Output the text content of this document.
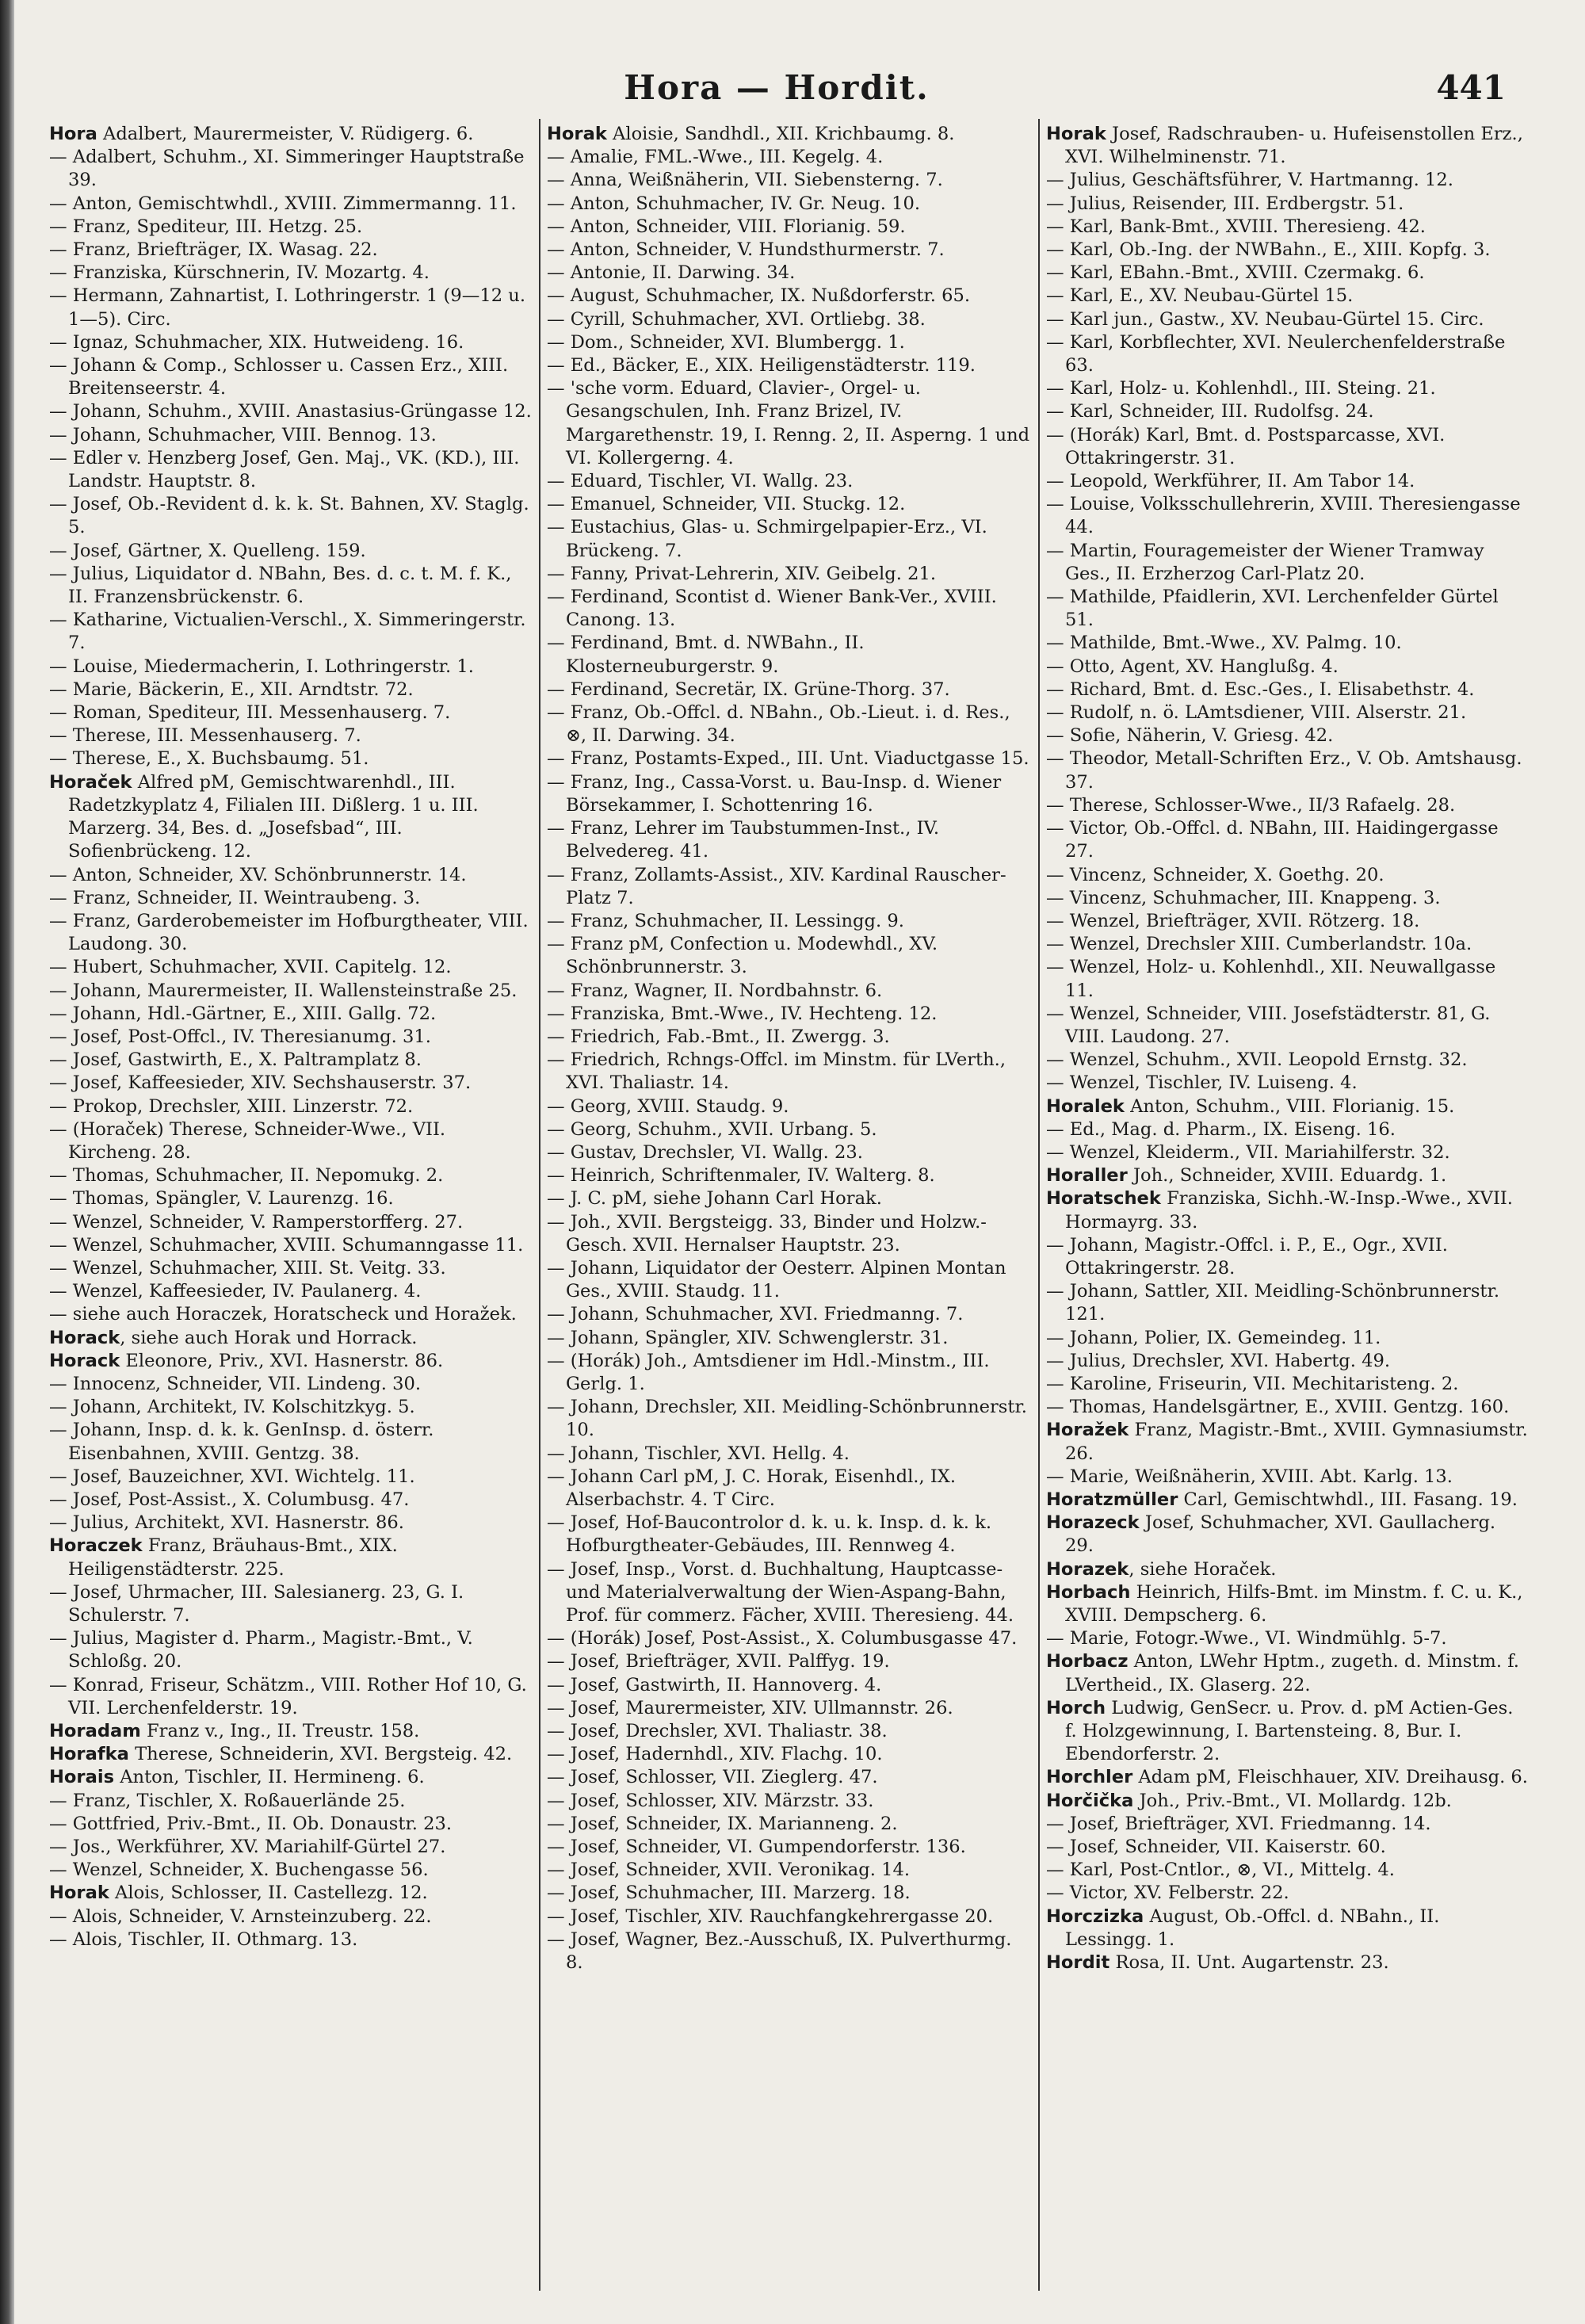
Hora — Hordit.	441
Hora Adalbert, Maurermeister, V. Rüdigerg. 6.
— Adalbert, Schuhm., XI. Simmeringer Hauptstraße 39.
— Anton, Gemischtwhdl., XVIII. Zimmermanng. 11.
— Franz, Spediteur, III. Hetzg. 25.
— Franz, Briefträger, IX. Wasag. 22.
— Franziska, Kürschnerin, IV. Mozartg. 4.
— Hermann, Zahnartist, I. Lothringerstr. 1 (9—12 u. 1—5). Circ.
— Ignaz, Schuhmacher, XIX. Hutweideng. 16.
— Johann & Comp., Schlosser u. Cassen Erz., XIII. Breitenseerstr. 4.
— Johann, Schuhm., XVIII. Anastasius-Grüngasse 12.
— Johann, Schuhmacher, VIII. Bennog. 13.
— Edler v. Henzberg Josef, Gen. Maj., VK. (KD.), III. Landstr. Hauptstr. 8.
— Josef, Ob.-Revident d. k. k. St. Bahnen, XV. Staglg. 5.
— Josef, Gärtner, X. Quelleng. 159.
— Julius, Liquidator d. NBahn, Bes. d. c. t. M. f. K., II. Franzensbrückenstr. 6.
— Katharine, Victualien-Verschl., X. Simmeringerstr. 7.
— Louise, Miedermacherin, I. Lothringerstr. 1.
— Marie, Bäckerin, E., XII. Arndtstr. 72.
— Roman, Spediteur, III. Messenhauserg. 7.
— Therese, III. Messenhauserg. 7.
— Therese, E., X. Buchsbaumg. 51.
Horaček Alfred pM, Gemischtwarenhdl., III. Radetzkyplatz 4, Filialen III. Dißlerg. 1 u. III. Marzerg. 34, Bes. d. „Josefsbad“, III. Sofienbrückeng. 12.
— Anton, Schneider, XV. Schönbrunnerstr. 14.
— Franz, Schneider, II. Weintraubeng. 3.
— Franz, Garderobemeister im Hofburgtheater, VIII. Laudong. 30.
— Hubert, Schuhmacher, XVII. Capitelg. 12.
— Johann, Maurermeister, II. Wallensteinstraße 25.
— Johann, Hdl.-Gärtner, E., XIII. Gallg. 72.
— Josef, Post-Offcl., IV. Theresianumg. 31.
— Josef, Gastwirth, E., X. Paltramplatz 8.
— Josef, Kaffeesieder, XIV. Sechshauserstr. 37.
— Prokop, Drechsler, XIII. Linzerstr. 72.
— (Horaček) Therese, Schneider-Wwe., VII. Kircheng. 28.
— Thomas, Schuhmacher, II. Nepomukg. 2.
— Thomas, Spängler, V. Laurenzg. 16.
— Wenzel, Schneider, V. Ramperstorfferg. 27.
— Wenzel, Schuhmacher, XVIII. Schumanngasse 11.
— Wenzel, Schuhmacher, XIII. St. Veitg. 33.
— Wenzel, Kaffeesieder, IV. Paulanerg. 4.
— siehe auch Horaczek, Horatscheck und Horažek.
Horack, siehe auch Horak und Horrack.
Horack Eleonore, Priv., XVI. Hasnerstr. 86.
— Innocenz, Schneider, VII. Lindeng. 30.
— Johann, Architekt, IV. Kolschitzkyg. 5.
— Johann, Insp. d. k. k. GenInsp. d. österr. Eisenbahnen, XVIII. Gentzg. 38.
— Josef, Bauzeichner, XVI. Wichtelg. 11.
— Josef, Post-Assist., X. Columbusg. 47.
— Julius, Architekt, XVI. Hasnerstr. 86.
Horaczek Franz, Bräuhaus-Bmt., XIX. Heiligenstädterstr. 225.
— Josef, Uhrmacher, III. Salesianerg. 23, G. I. Schulerstr. 7.
— Julius, Magister d. Pharm., Magistr.-Bmt., V. Schloßg. 20.
— Konrad, Friseur, Schätzm., VIII. Rother Hof 10, G. VII. Lerchenfelderstr. 19.
Horadam Franz v., Ing., II. Treustr. 158.
Horafka Therese, Schneiderin, XVI. Bergsteig. 42.
Horais Anton, Tischler, II. Hermineng. 6.
— Franz, Tischler, X. Roßauerlände 25.
— Gottfried, Priv.-Bmt., II. Ob. Donaustr. 23.
— Jos., Werkführer, XV. Mariahilf-Gürtel 27.
— Wenzel, Schneider, X. Buchengasse 56.
Horak Alois, Schlosser, II. Castellezg. 12.
— Alois, Schneider, V. Arnsteinzuberg. 22.
— Alois, Tischler, II. Othmarg. 13.
Horak Aloisie, Sandhdl., XII. Krichbaumg. 8.
— Amalie, FML.-Wwe., III. Kegelg. 4.
— Anna, Weißnäherin, VII. Siebensterng. 7.
— Anton, Schuhmacher, IV. Gr. Neug. 10.
— Anton, Schneider, VIII. Florianig. 59.
— Anton, Schneider, V. Hundsthurmerstr. 7.
— Antonie, II. Darwing. 34.
— August, Schuhmacher, IX. Nußdorferstr. 65.
— Cyrill, Schuhmacher, XVI. Ortliebg. 38.
— Dom., Schneider, XVI. Blumbergg. 1.
— Ed., Bäcker, E., XIX. Heiligenstädterstr. 119.
— 'sche vorm. Eduard, Clavier-, Orgel- u. Gesangschulen, Inh. Franz Brizel, IV. Margarethenstr. 19, I. Renng. 2, II. Asperng. 1 und VI. Kollergerng. 4.
— Eduard, Tischler, VI. Wallg. 23.
— Emanuel, Schneider, VII. Stuckg. 12.
— Eustachius, Glas- u. Schmirgelpapier-Erz., VI. Brückeng. 7.
— Fanny, Privat-Lehrerin, XIV. Geibelg. 21.
— Ferdinand, Scontist d. Wiener Bank-Ver., XVIII. Canong. 13.
— Ferdinand, Bmt. d. NWBahn., II. Klosterneuburgerstr. 9.
— Ferdinand, Secretär, IX. Grüne-Thorg. 37.
— Franz, Ob.-Offcl. d. NBahn., Ob.-Lieut. i. d. Res., ⊗, II. Darwing. 34.
— Franz, Postamts-Exped., III. Unt. Viaductgasse 15.
— Franz, Ing., Cassa-Vorst. u. Bau-Insp. d. Wiener Börsekammer, I. Schottenring 16.
— Franz, Lehrer im Taubstummen-Inst., IV. Belvedereg. 41.
— Franz, Zollamts-Assist., XIV. Kardinal Rauscher-Platz 7.
— Franz, Schuhmacher, II. Lessingg. 9.
— Franz pM, Confection u. Modewhdl., XV. Schönbrunnerstr. 3.
— Franz, Wagner, II. Nordbahnstr. 6.
— Franziska, Bmt.-Wwe., IV. Hechteng. 12.
— Friedrich, Fab.-Bmt., II. Zwergg. 3.
— Friedrich, Rchngs-Offcl. im Minstm. für LVerth., XVI. Thaliastr. 14.
— Georg, XVIII. Staudg. 9.
— Georg, Schuhm., XVII. Urbang. 5.
— Gustav, Drechsler, VI. Wallg. 23.
— Heinrich, Schriftenmaler, IV. Walterg. 8.
— J. C. pM, siehe Johann Carl Horak.
— Joh., XVII. Bergsteigg. 33, Binder und Holzw.-Gesch. XVII. Hernalser Hauptstr. 23.
— Johann, Liquidator der Oesterr. Alpinen Montan Ges., XVIII. Staudg. 11.
— Johann, Schuhmacher, XVI. Friedmanng. 7.
— Johann, Spängler, XIV. Schwenglerstr. 31.
— (Horák) Joh., Amtsdiener im Hdl.-Minstm., III. Gerlg. 1.
— Johann, Drechsler, XII. Meidling-Schönbrunnerstr. 10.
— Johann, Tischler, XVI. Hellg. 4.
— Johann Carl pM, J. C. Horak, Eisenhdl., IX. Alserbachstr. 4. T Circ.
— Josef, Hof-Baucontrolor d. k. u. k. Insp. d. k. k. Hofburgtheater-Gebäudes, III. Rennweg 4.
— Josef, Insp., Vorst. d. Buchhaltung, Hauptcasse- und Materialverwaltung der Wien-Aspang-Bahn, Prof. für commerz. Fächer, XVIII. Theresieng. 44.
— (Horák) Josef, Post-Assist., X. Columbusgasse 47.
— Josef, Briefträger, XVII. Palffyg. 19.
— Josef, Gastwirth, II. Hannoverg. 4.
— Josef, Maurermeister, XIV. Ullmannstr. 26.
— Josef, Drechsler, XVI. Thaliastr. 38.
— Josef, Hadernhdl., XIV. Flachg. 10.
— Josef, Schlosser, VII. Zieglerg. 47.
— Josef, Schlosser, XIV. Märzstr. 33.
— Josef, Schneider, IX. Marianneng. 2.
— Josef, Schneider, VI. Gumpendorferstr. 136.
— Josef, Schneider, XVII. Veronikag. 14.
— Josef, Schuhmacher, III. Marzerg. 18.
— Josef, Tischler, XIV. Rauchfangkehrergasse 20.
— Josef, Wagner, Bez.-Ausschuß, IX. Pulverthurmg. 8.
Horak Josef, Radschrauben- u. Hufeisenstollen Erz., XVI. Wilhelminenstr. 71.
— Julius, Geschäftsführer, V. Hartmanng. 12.
— Julius, Reisender, III. Erdbergstr. 51.
— Karl, Bank-Bmt., XVIII. Theresieng. 42.
— Karl, Ob.-Ing. der NWBahn., E., XIII. Kopfg. 3.
— Karl, EBahn.-Bmt., XVIII. Czermakg. 6.
— Karl, E., XV. Neubau-Gürtel 15.
— Karl jun., Gastw., XV. Neubau-Gürtel 15. Circ.
— Karl, Korbflechter, XVI. Neulerchenfelderstraße 63.
— Karl, Holz- u. Kohlenhdl., III. Steing. 21.
— Karl, Schneider, III. Rudolfsg. 24.
— (Horák) Karl, Bmt. d. Postsparcasse, XVI. Ottakringerstr. 31.
— Leopold, Werkführer, II. Am Tabor 14.
— Louise, Volksschullehrerin, XVIII. Theresiengasse 44.
— Martin, Fouragemeister der Wiener Tramway Ges., II. Erzherzog Carl-Platz 20.
— Mathilde, Pfaidlerin, XVI. Lerchenfelder Gürtel 51.
— Mathilde, Bmt.-Wwe., XV. Palmg. 10.
— Otto, Agent, XV. Hanglußg. 4.
— Richard, Bmt. d. Esc.-Ges., I. Elisabethstr. 4.
— Rudolf, n. ö. LAmtsdiener, VIII. Alserstr. 21.
— Sofie, Näherin, V. Griesg. 42.
— Theodor, Metall-Schriften Erz., V. Ob. Amtshausg. 37.
— Therese, Schlosser-Wwe., II/3 Rafaelg. 28.
— Victor, Ob.-Offcl. d. NBahn, III. Haidingergasse 27.
— Vincenz, Schneider, X. Goethg. 20.
— Vincenz, Schuhmacher, III. Knappeng. 3.
— Wenzel, Briefträger, XVII. Rötzerg. 18.
— Wenzel, Drechsler XIII. Cumberlandstr. 10a.
— Wenzel, Holz- u. Kohlenhdl., XII. Neuwallgasse 11.
— Wenzel, Schneider, VIII. Josefstädterstr. 81, G. VIII. Laudong. 27.
— Wenzel, Schuhm., XVII. Leopold Ernstg. 32.
— Wenzel, Tischler, IV. Luiseng. 4.
Horalek Anton, Schuhm., VIII. Florianig. 15.
— Ed., Mag. d. Pharm., IX. Eiseng. 16.
— Wenzel, Kleiderm., VII. Mariahilferstr. 32.
Horaller Joh., Schneider, XVIII. Eduardg. 1.
Horatschek Franziska, Sichh.-W.-Insp.-Wwe., XVII. Hormayrg. 33.
— Johann, Magistr.-Offcl. i. P., E., Ogr., XVII. Ottakringerstr. 28.
— Johann, Sattler, XII. Meidling-Schönbrunnerstr. 121.
— Johann, Polier, IX. Gemeindeg. 11.
— Julius, Drechsler, XVI. Habertg. 49.
— Karoline, Friseurin, VII. Mechitaristeng. 2.
— Thomas, Handelsgärtner, E., XVIII. Gentzg. 160.
Horažek Franz, Magistr.-Bmt., XVIII. Gymnasiumstr. 26.
— Marie, Weißnäherin, XVIII. Abt. Karlg. 13.
Horatzmüller Carl, Gemischtwhdl., III. Fasang. 19.
Horazeck Josef, Schuhmacher, XVI. Gaullacherg. 29.
Horazek, siehe Horaček.
Horbach Heinrich, Hilfs-Bmt. im Minstm. f. C. u. K., XVIII. Dempscherg. 6.
— Marie, Fotogr.-Wwe., VI. Windmühlg. 5-7.
Horbacz Anton, LWehr Hptm., zugeth. d. Minstm. f. LVertheid., IX. Glaserg. 22.
Horch Ludwig, GenSecr. u. Prov. d. pM Actien-Ges. f. Holzgewinnung, I. Bartensteing. 8, Bur. I. Ebendorferstr. 2.
Horchler Adam pM, Fleischhauer, XIV. Dreihausg. 6.
Horčička Joh., Priv.-Bmt., VI. Mollardg. 12b.
— Josef, Briefträger, XVI. Friedmanng. 14.
— Josef, Schneider, VII. Kaiserstr. 60.
— Karl, Post-Cntlor., ⊗, VI., Mittelg. 4.
— Victor, XV. Felberstr. 22.
Horczizka August, Ob.-Offcl. d. NBahn., II. Lessingg. 1.
Hordit Rosa, II. Unt. Augartenstr. 23.
